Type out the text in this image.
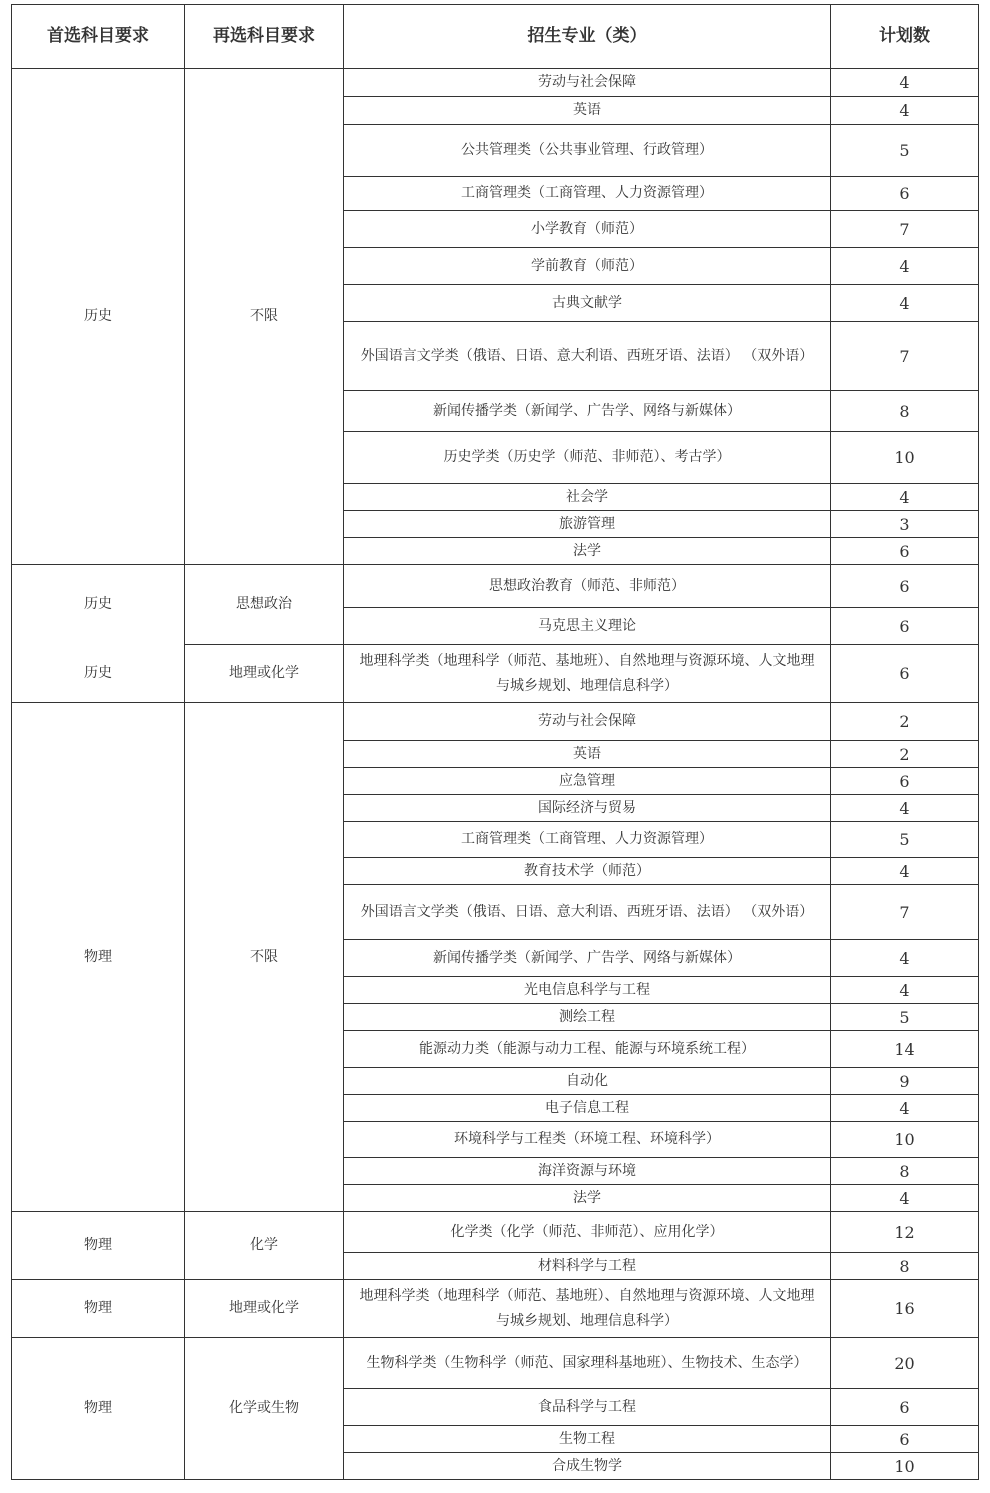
首选科目要求	再选科目要求	招生专业（类）	计划数
历史	不限	劳动与社会保障	4
		英语	4
		公共管理类（公共事业管理、行政管理）	5
		工商管理类（工商管理、人力资源管理）	6
		小学教育（师范）	7
		学前教育（师范）	4
		古典文献学	4
		外国语言文学类（俄语、日语、意大利语、西班牙语、法语） （双外语）	7
		新闻传播学类（新闻学、广告学、网络与新媒体）	8
		历史学类（历史学（师范、非师范）、考古学）	10
		社会学	4
		旅游管理	3
		法学	6
历史	思想政治	思想政治教育（师范、非师范）	6
		马克思主义理论	6
历史	地理或化学	地理科学类（地理科学（师范、基地班）、自然地理与资源环境、人文地理与城乡规划、地理信息科学）	6
物理	不限	劳动与社会保障	2
		英语	2
		应急管理	6
		国际经济与贸易	4
		工商管理类（工商管理、人力资源管理）	5
		教育技术学（师范）	4
		外国语言文学类（俄语、日语、意大利语、西班牙语、法语） （双外语）	7
		新闻传播学类（新闻学、广告学、网络与新媒体）	4
		光电信息科学与工程	4
		测绘工程	5
		能源动力类（能源与动力工程、能源与环境系统工程）	14
		自动化	9
		电子信息工程	4
		环境科学与工程类（环境工程、环境科学）	10
		海洋资源与环境	8
		法学	4
物理	化学	化学类（化学（师范、非师范）、应用化学）	12
		材料科学与工程	8
物理	地理或化学	地理科学类（地理科学（师范、基地班）、自然地理与资源环境、人文地理与城乡规划、地理信息科学）	16
物理	化学或生物	生物科学类（生物科学（师范、国家理科基地班）、生物技术、生态学）	20
		食品科学与工程	6
		生物工程	6
		合成生物学	10
